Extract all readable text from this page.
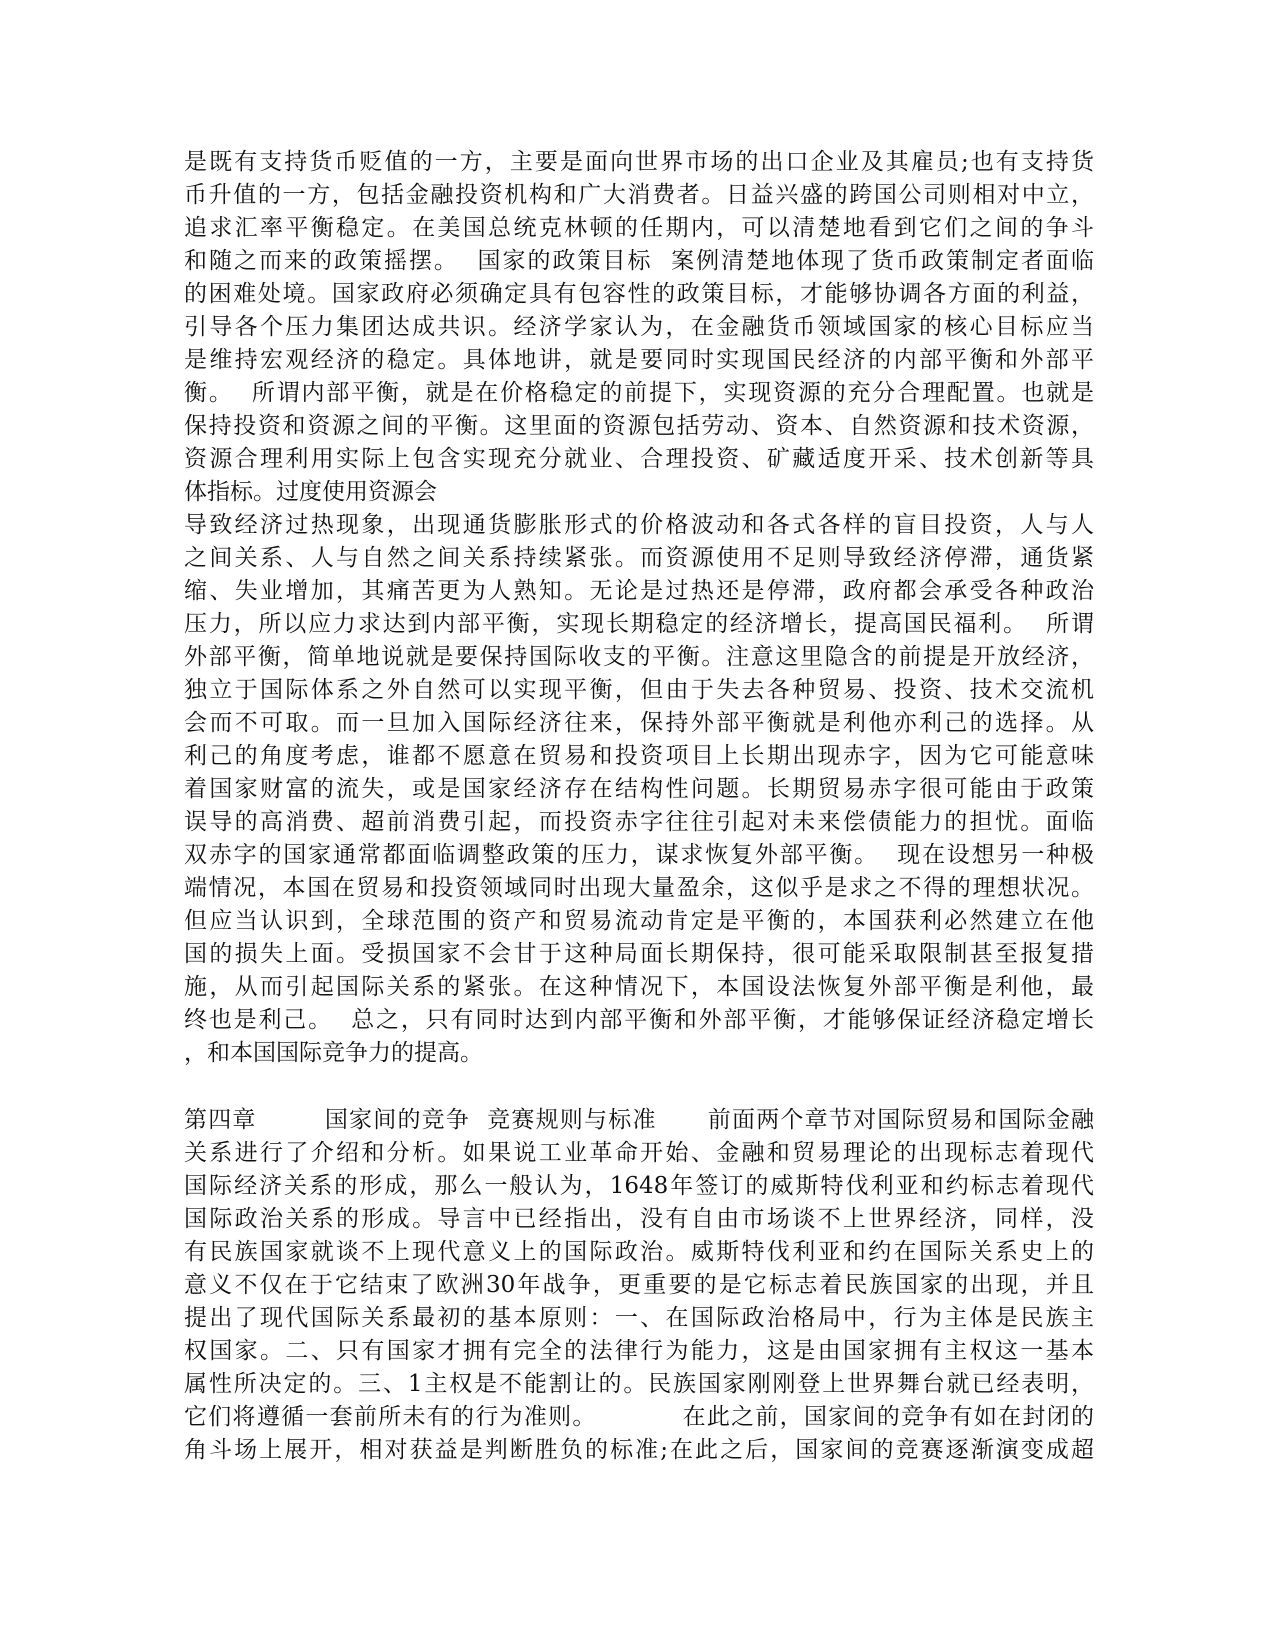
是既有支持货币贬值的一方，主要是面向世界市场的出口企业及其雇员;也有支持货
币升值的一方，包括金融投资机构和广大消费者。日益兴盛的跨国公司则相对中立，
追求汇率平衡稳定。在美国总统克林顿的任期内，可以清楚地看到它们之间的争斗
和随之而来的政策摇摆。  国家的政策目标  案例清楚地体现了货币政策制定者面临
的困难处境。国家政府必须确定具有包容性的政策目标，才能够协调各方面的利益，
引导各个压力集团达成共识。经济学家认为，在金融货币领域国家的核心目标应当
是维持宏观经济的稳定。具体地讲，就是要同时实现国民经济的内部平衡和外部平
衡。  所谓内部平衡，就是在价格稳定的前提下，实现资源的充分合理配置。也就是
保持投资和资源之间的平衡。这里面的资源包括劳动、资本、自然资源和技术资源，
资源合理利用实际上包含实现充分就业、合理投资、矿藏适度开采、技术创新等具
体指标。过度使用资源会
导致经济过热现象，出现通货膨胀形式的价格波动和各式各样的盲目投资，人与人
之间关系、人与自然之间关系持续紧张。而资源使用不足则导致经济停滞，通货紧
缩、失业增加，其痛苦更为人熟知。无论是过热还是停滞，政府都会承受各种政治
压力，所以应力求达到内部平衡，实现长期稳定的经济增长，提高国民福利。  所谓
外部平衡，简单地说就是要保持国际收支的平衡。注意这里隐含的前提是开放经济，
独立于国际体系之外自然可以实现平衡，但由于失去各种贸易、投资、技术交流机
会而不可取。而一旦加入国际经济往来，保持外部平衡就是利他亦利己的选择。从
利己的角度考虑，谁都不愿意在贸易和投资项目上长期出现赤字，因为它可能意味
着国家财富的流失，或是国家经济存在结构性问题。长期贸易赤字很可能由于政策
误导的高消费、超前消费引起，而投资赤字往往引起对未来偿债能力的担忧。面临
双赤字的国家通常都面临调整政策的压力，谋求恢复外部平衡。  现在设想另一种极
端情况，本国在贸易和投资领域同时出现大量盈余，这似乎是求之不得的理想状况。
但应当认识到，全球范围的资产和贸易流动肯定是平衡的，本国获利必然建立在他
国的损失上面。受损国家不会甘于这种局面长期保持，很可能采取限制甚至报复措
施，从而引起国际关系的紧张。在这种情况下，本国设法恢复外部平衡是利他，最
终也是利己。  总之，只有同时达到内部平衡和外部平衡，才能够保证经济稳定增长
，和本国国际竞争力的提高。
第四章        国家间的竞争  竞赛规则与标准      前面两个章节对国际贸易和国际金融
关系进行了介绍和分析。如果说工业革命开始、金融和贸易理论的出现标志着现代
国际经济关系的形成，那么一般认为，1648年签订的威斯特伐利亚和约标志着现代
国际政治关系的形成。导言中已经指出，没有自由市场谈不上世界经济，同样，没
有民族国家就谈不上现代意义上的国际政治。威斯特伐利亚和约在国际关系史上的
意义不仅在于它结束了欧洲30年战争，更重要的是它标志着民族国家的出现，并且
提出了现代国际关系最初的基本原则：一、在国际政治格局中，行为主体是民族主
权国家。二、只有国家才拥有完全的法律行为能力，这是由国家拥有主权这一基本
属性所决定的。三、1主权是不能割让的。民族国家刚刚登上世界舞台就已经表明，
它们将遵循一套前所未有的行为准则。          在此之前，国家间的竞争有如在封闭的
角斗场上展开，相对获益是判断胜负的标准;在此之后，国家间的竞赛逐渐演变成超
